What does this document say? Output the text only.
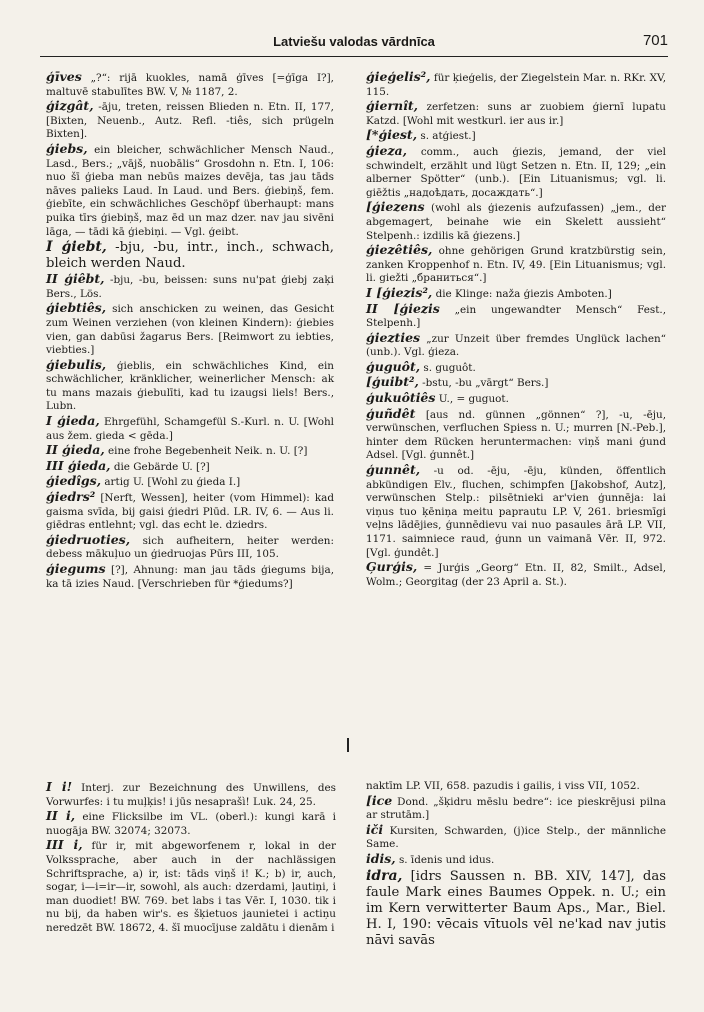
Latviešu valodas vārdnīca	701

ģīves „?“: rijā kuokles, namā ģīves [=ģīga I?], maltuvē stabulītes BW. V, № 1187, 2.

ģizgât, -āju, treten, reissen Blieden n. Etn. II, 177, [Bixten, Neuenb., Autz. Refl. -tiês, sich prügeln Bixten].

ģiebs, ein bleicher, schwächlicher Mensch Naud., Lasd., Bers.; „vājš, nuobālis“ Grosdohn n. Etn. I, 106: nuo šī ģieba man nebūs maizes devēja, tas jau tāds nāves palieks Laud. In Laud. und Bers. ģiebiņš, fem. ģiebīte, ein schwächliches Geschöpf überhaupt: mans puika tīrs ģiebiņš, maz ēd un maz dzer. nav jau sivēni lāga, — tādi kā ģiebiņi. — Vgl. ģeibt.

I ģiebt, -bju, -bu, intr., inch., schwach, bleich werden Naud.

II ģiêbt, -bju, -bu, beissen: suns nu'pat ģiebj zaķi Bers., Lös.

ģiebtiês, sich anschicken zu weinen, das Gesicht zum Weinen verziehen (von kleinen Kindern): ģiebies vien, gan dabūsi žagarus Bers. [Reimwort zu iebties, viebties.]

ģiebulis, ģieblis, ein schwächliches Kind, ein schwächlicher, kränklicher, weinerlicher Mensch: ak tu mans mazais ģiebulīti, kad tu izaugsi liels! Bers., Lubn.

I ģieda, Ehrgefühl, Schamgefül S.-Kurl. n. U. [Wohl aus žem. gieda < gēda.]

II ģieda, eine frohe Begebenheit Neik. n. U. [?]

III ģieda, die Gebärde U. [?]

ģiedîgs, artig U. [Wohl zu ģieda I.]

ģiedrs² [Nerft, Wessen], heiter (vom Himmel): kad gaisma svīda, bij gaisi ģiedri Plūd. LR. IV, 6. — Aus li. giēdras entlehnt; vgl. das echt le. dziedrs.

ģiedruoties, sich aufheitern, heiter werden: debess mākuļuo un ģiedruojas Pūrs III, 105.

ģiegums [?], Ahnung: man jau tāds ģiegums bija, ka tā izies Naud. [Verschrieben für *ģiedums?]

ģieģelis², für ķieģelis, der Ziegelstein Mar. n. RKr. XV, 115.

ģiernît, zerfetzen: suns ar zuobiem ģiernī lupatu Katzd. [Wohl mit westkurl. ier aus ir.]

[*ģiest, s. atģiest.]

ģieza, comm., auch ģiezis, jemand, der viel schwindelt, erzählt und lügt Setzen n. Etn. II, 129; „ein alberner Spötter“ (unb.). [Ein Lituanismus; vgl. li. giēžtis „надоѣдать, досаждать“.]

[ģiezens (wohl als ģiezenis aufzufassen) „jem., der abgemagert, beinahe wie ein Skelett aussieht“ Stelpenh.: izdilis kā ģiezens.]

ģiezêtiês, ohne gehörigen Grund kratzbürstig sein, zanken Kroppenhof n. Etn. IV, 49. [Ein Lituanismus; vgl. li. giežti „браниться“.]

I [ģiezis², die Klinge: naža ģiezis Amboten.]

II [ģiezis „ein ungewandter Mensch“ Fest., Stelpenh.]

ģiezties „zur Unzeit über fremdes Unglück lachen“ (unb.). Vgl. ģieza.

ģuguôt, s. guguôt.

[ģuibt², -bstu, -bu „vārgt“ Bers.]

ģukuôtiês U., = guguot.

ģuñdêt [aus nd. günnen „gönnen“ ?], -u, -ēju, verwünschen, verfluchen Spiess n. U.; murren [N.-Peb.], hinter dem Rücken heruntermachen: viņš mani ģund Adsel. [Vgl. ģunnêt.]

ģunnêt, -u od. -ēju, -ēju, künden, öffentlich abkündigen Elv., fluchen, schimpfen [Jakobshof, Autz], verwünschen Stelp.: pilsētnieki ar'vien ģunnēja: lai viņus tuo ķēniņa meitu paprautu LP. V, 261. briesmīgi veļns lādējies, ģunnēdievu vai nuo pasaules ārā LP. VII, 1171. saimniece raud, ģunn un vaimanā Vēr. II, 972. [Vgl. ģundêt.]

Ģurģis, = Jurģis „Georg“ Etn. II, 82, Smilt., Adsel, Wolm.; Georgitag (der 23 April a. St.).

I i! Interj. zur Bezeichnung des Unwillens, des Vorwurfes: i tu muļķis! i jūs nesaprašì! Luk. 24, 25.

II i, eine Flicksilbe im VL. (oberl.): kungi karā i nuogāja BW. 32074; 32073.

III i, für ir, mit abgeworfenem r, lokal in der Volkssprache, aber auch in der nachlässigen Schriftsprache, a) ir, ist: tāds viņš i! K.; b) ir, auch, sogar, i—i=ir—ir, sowohl, als auch: dzerdami, ļautiņi, i man duodiet! BW. 769. bet labs i tas Vēr. I, 1030. tik i nu bij, da haben wir's. es šķietuos jaunietei i actiņu neredzēt BW. 18672, 4. šī muocījuse zaldātu i dienām i

naktīm LP. VII, 658. pazudis i gailis, i viss VII, 1052.

[ice Dond. „šķidru mēslu bedre“: ice pieskrējusi pilna ar strutām.]

iči Kursiten, Schwarden, (j)ice Stelp., der männliche Same.

idis, s. īdenis und idus.

idra, [idrs Saussen n. BB. XIV, 147], das faule Mark eines Baumes Oppek. n. U.; ein im Kern verwitterter Baum Aps., Mar., Biel. H. I, 190: vēcais vītuols vēl ne'kad nav jutis nāvi savās
